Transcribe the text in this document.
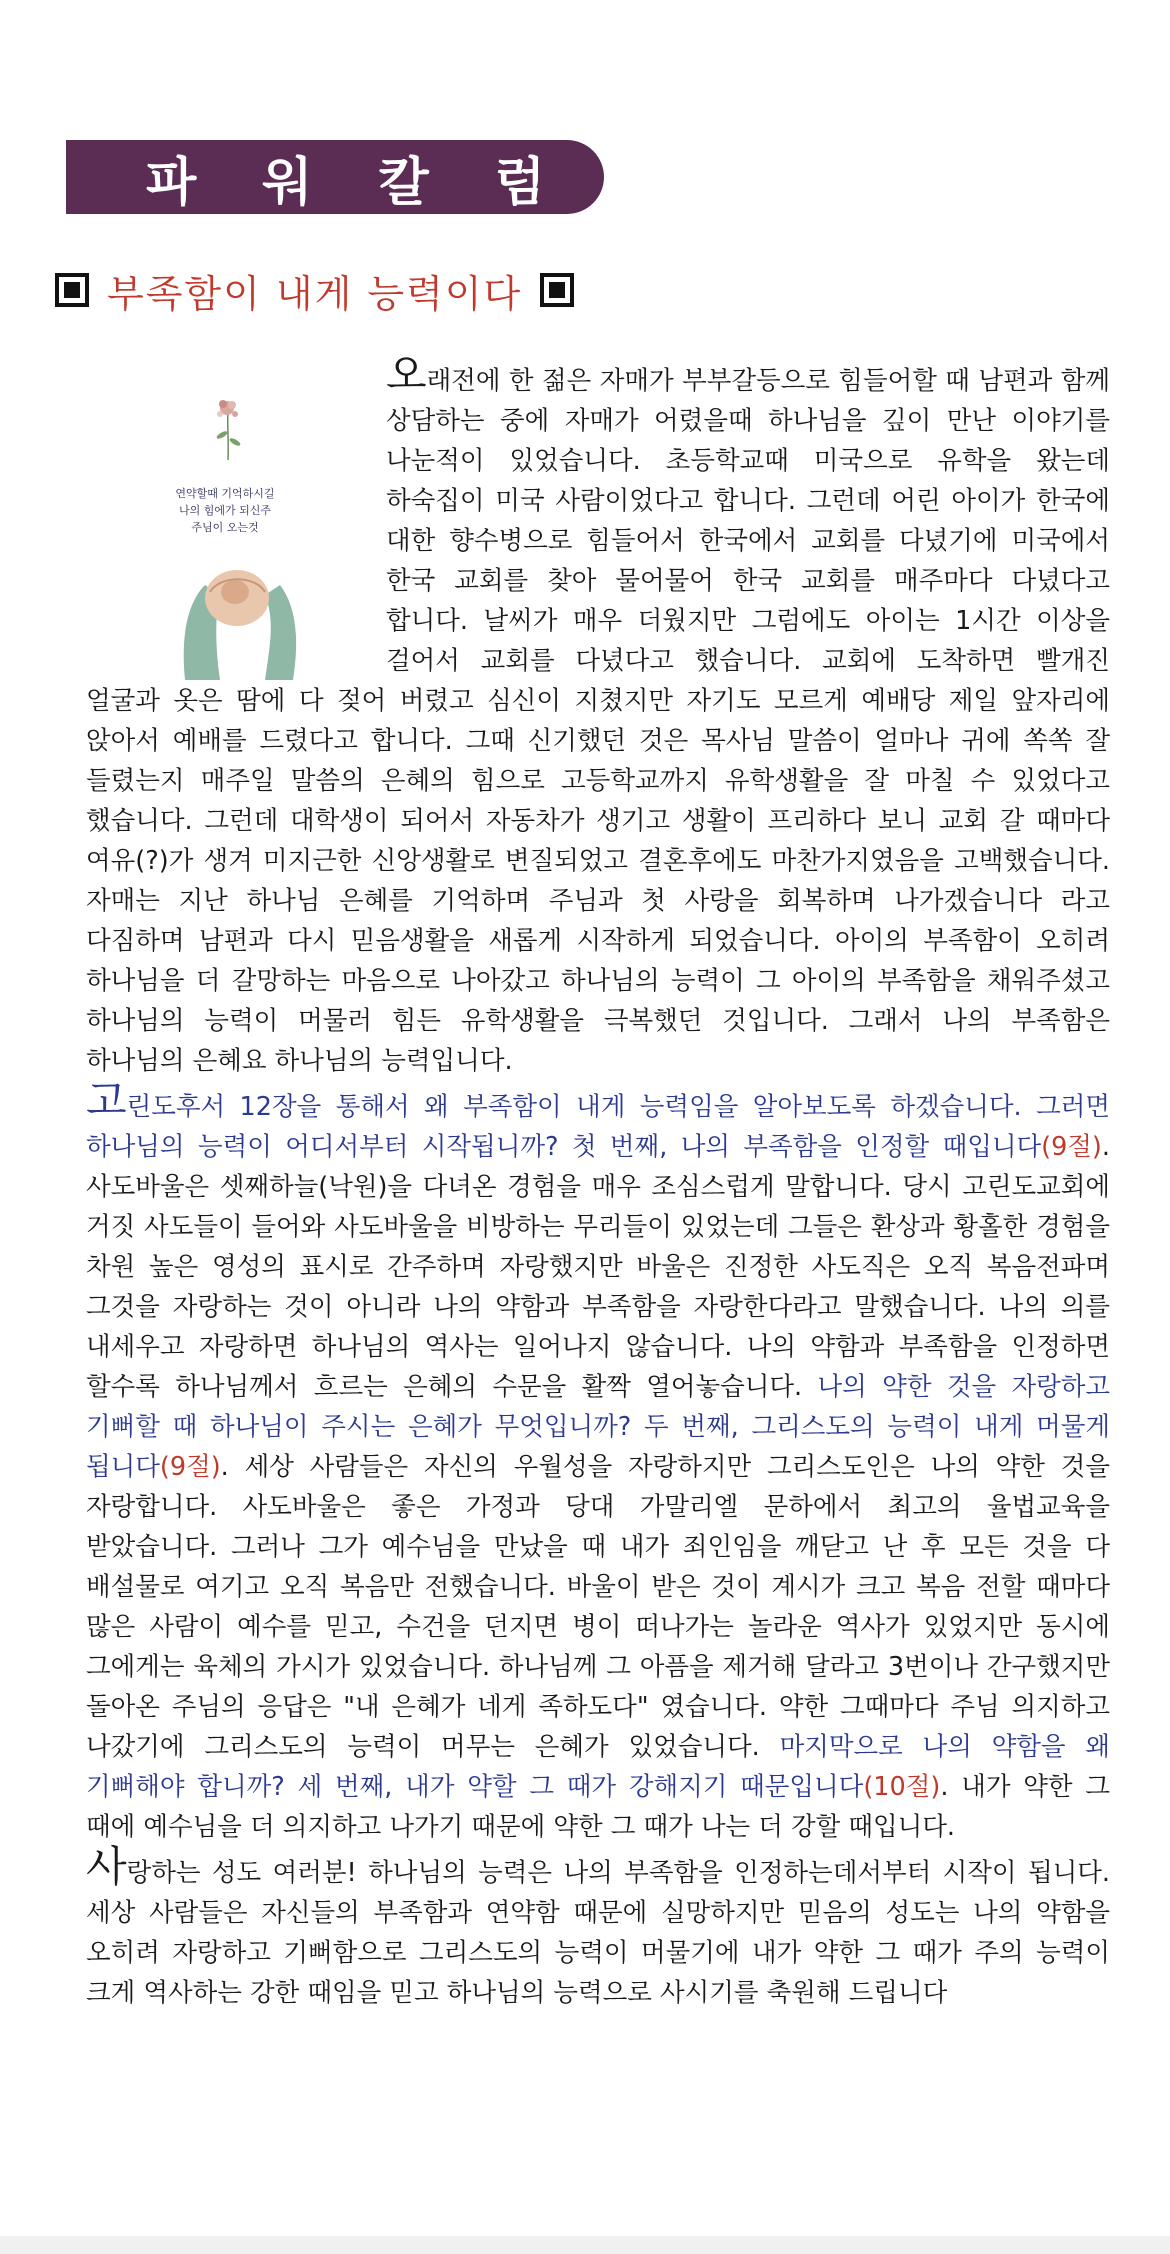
파 워 칼 럼
부족함이 내게 능력이다
연약할때 기억하시길
나의 힘에가 되신주
주님이 오는것

오래전에 한 젊은 자매가 부부갈등으로 힘들어할 때 남편과 함께 상담하는 중에 자매가 어렸을때 하나님을 깊이 만난 이야기를 나눈적이 있었습니다. 초등학교때 미국으로 유학을 왔는데 하숙집이 미국 사람이었다고 합니다. 그런데 어린 아이가 한국에 대한 향수병으로 힘들어서 한국에서 교회를 다녔기에 미국에서 한국 교회를 찾아 물어물어 한국 교회를 매주마다 다녔다고 합니다. 날씨가 매우 더웠지만 그럼에도 아이는 1시간 이상을 걸어서 교회를 다녔다고 했습니다. 교회에 도착하면 빨개진 얼굴과 옷은 땀에 다 젖어 버렸고 심신이 지쳤지만 자기도 모르게 예배당 제일 앞자리에 앉아서 예배를 드렸다고 합니다. 그때 신기했던 것은 목사님 말씀이 얼마나 귀에 쏙쏙 잘 들렸는지 매주일 말씀의 은혜의 힘으로 고등학교까지 유학생활을 잘 마칠 수 있었다고 했습니다. 그런데 대학생이 되어서 자동차가 생기고 생활이 프리하다 보니 교회 갈 때마다 여유(?)가 생겨 미지근한 신앙생활로 변질되었고 결혼후에도 마찬가지였음을 고백했습니다. 자매는 지난 하나님 은혜를 기억하며 주님과 첫 사랑을 회복하며 나가겠습니다 라고 다짐하며 남편과 다시 믿음생활을 새롭게 시작하게 되었습니다. 아이의 부족함이 오히려 하나님을 더 갈망하는 마음으로 나아갔고 하나님의 능력이 그 아이의 부족함을 채워주셨고 하나님의 능력이 머물러 힘든 유학생활을 극복했던 것입니다. 그래서 나의 부족함은 하나님의 은혜요 하나님의 능력입니다.

고린도후서 12장을 통해서 왜 부족함이 내게 능력임을 알아보도록 하겠습니다. 그러면 하나님의 능력이 어디서부터 시작됩니까? 첫 번째, 나의 부족함을 인정할 때입니다(9절). 사도바울은 셋째하늘(낙원)을 다녀온 경험을 매우 조심스럽게 말합니다. 당시 고린도교회에 거짓 사도들이 들어와 사도바울을 비방하는 무리들이 있었는데 그들은 환상과 황홀한 경험을 차원 높은 영성의 표시로 간주하며 자랑했지만 바울은 진정한 사도직은 오직 복음전파며 그것을 자랑하는 것이 아니라 나의 약함과 부족함을 자랑한다라고 말했습니다. 나의 의를 내세우고 자랑하면 하나님의 역사는 일어나지 않습니다. 나의 약함과 부족함을 인정하면 할수록 하나님께서 흐르는 은혜의 수문을 활짝 열어놓습니다. 나의 약한 것을 자랑하고 기뻐할 때 하나님이 주시는 은혜가 무엇입니까? 두 번째, 그리스도의 능력이 내게 머물게 됩니다(9절). 세상 사람들은 자신의 우월성을 자랑하지만 그리스도인은 나의 약한 것을 자랑합니다. 사도바울은 좋은 가정과 당대 가말리엘 문하에서 최고의 율법교육을 받았습니다. 그러나 그가 예수님을 만났을 때 내가 죄인임을 깨닫고 난 후 모든 것을 다 배설물로 여기고 오직 복음만 전했습니다. 바울이 받은 것이 계시가 크고 복음 전할 때마다 많은 사람이 예수를 믿고, 수건을 던지면 병이 떠나가는 놀라운 역사가 있었지만 동시에 그에게는 육체의 가시가 있었습니다. 하나님께 그 아픔을 제거해 달라고 3번이나 간구했지만 돌아온 주님의 응답은 "내 은혜가 네게 족하도다" 였습니다. 약한 그때마다 주님 의지하고 나갔기에 그리스도의 능력이 머무는 은혜가 있었습니다. 마지막으로 나의 약함을 왜 기뻐해야 합니까? 세 번째, 내가 약할 그 때가 강해지기 때문입니다(10절). 내가 약한 그 때에 예수님을 더 의지하고 나가기 때문에 약한 그 때가 나는 더 강할 때입니다.

사랑하는 성도 여러분! 하나님의 능력은 나의 부족함을 인정하는데서부터 시작이 됩니다. 세상 사람들은 자신들의 부족함과 연약함 때문에 실망하지만 믿음의 성도는 나의 약함을 오히려 자랑하고 기뻐함으로 그리스도의 능력이 머물기에 내가 약한 그 때가 주의 능력이 크게 역사하는 강한 때임을 믿고 하나님의 능력으로 사시기를 축원해 드립니다
